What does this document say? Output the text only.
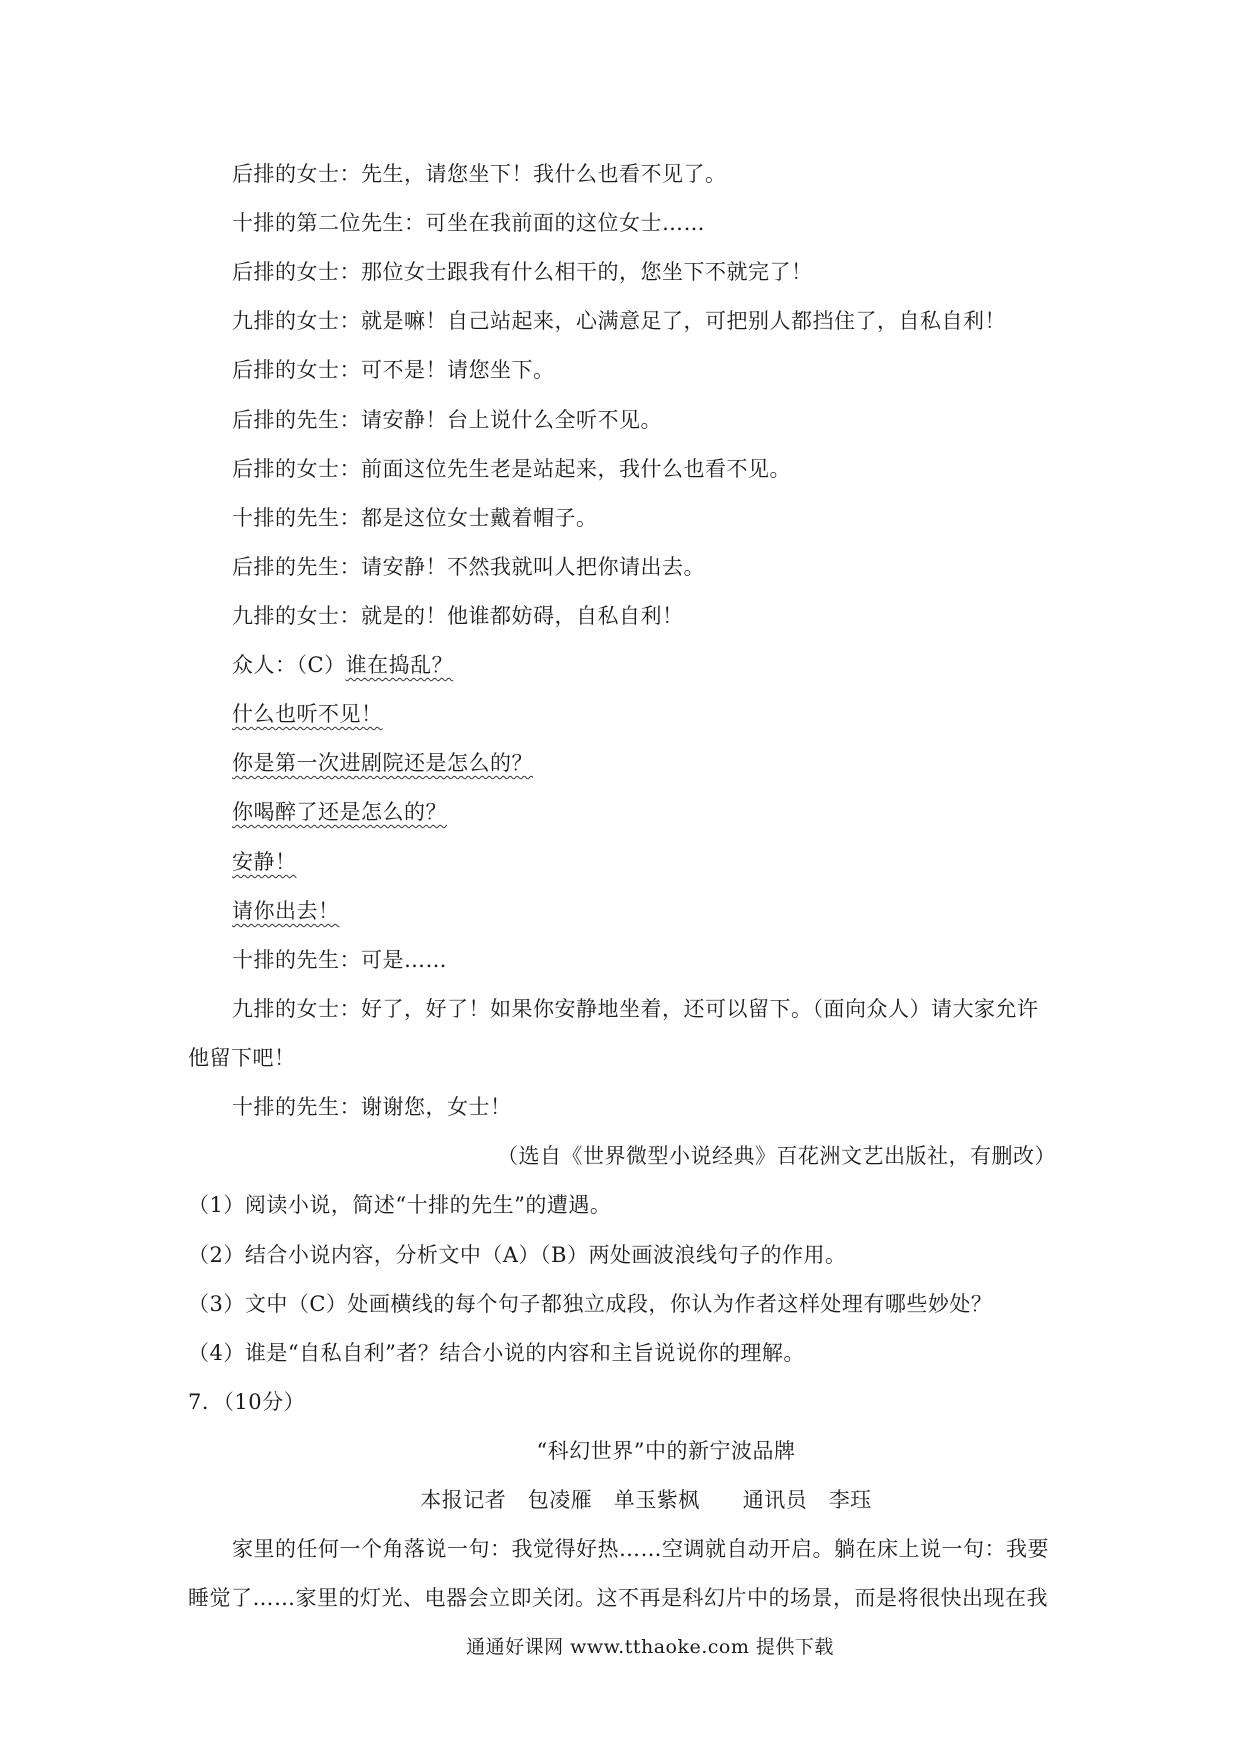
后排的女士：先生，请您坐下！我什么也看不见了。
十排的第二位先生：可坐在我前面的这位女士……
后排的女士：那位女士跟我有什么相干的，您坐下不就完了！
九排的女士：就是嘛！自己站起来，心满意足了，可把别人都挡住了，自私自利！
后排的女士：可不是！请您坐下。
后排的先生：请安静！台上说什么全听不见。
后排的女士：前面这位先生老是站起来，我什么也看不见。
十排的先生：都是这位女士戴着帽子。
后排的先生：请安静！不然我就叫人把你请出去。
九排的女士：就是的！他谁都妨碍，自私自利！
众人：（C）谁在捣乱？
什么也听不见！
你是第一次进剧院还是怎么的？
你喝醉了还是怎么的？
安静！
请你出去！
十排的先生：可是……
九排的女士：好了，好了！如果你安静地坐着，还可以留下。（面向众人）请大家允许
他留下吧！
十排的先生：谢谢您，女士！
（选自《世界微型小说经典》百花洲文艺出版社，有删改）
（1）阅读小说，简述“十排的先生”的遭遇。
（2）结合小说内容，分析文中（A）（B）两处画波浪线句子的作用。
（3）文中（C）处画横线的每个句子都独立成段，你认为作者这样处理有哪些妙处？
（4）谁是“自私自利”者？结合小说的内容和主旨说说你的理解。
7．（10分）
“科幻世界”中的新宁波品牌
本报记者　包凌雁　单玉紫枫　　通讯员　李珏
家里的任何一个角落说一句：我觉得好热……空调就自动开启。躺在床上说一句：我要
睡觉了……家里的灯光、电器会立即关闭。这不再是科幻片中的场景，而是将很快出现在我
通通好课网 www.tthaoke.com 提供下载
